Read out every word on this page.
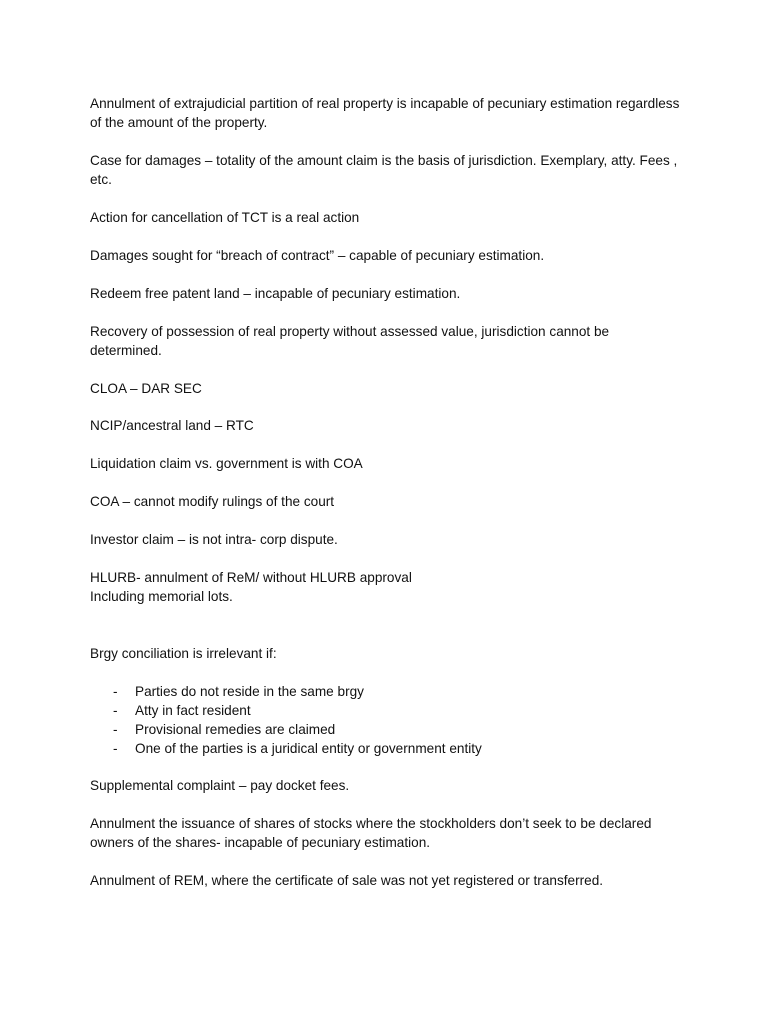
Annulment of extrajudicial partition of real property is incapable of pecuniary estimation regardless of the amount of the property.

Case for damages – totality of the amount claim is the basis of jurisdiction. Exemplary, atty. Fees , etc.

Action for cancellation of TCT is a real action

Damages sought for “breach of contract” – capable of pecuniary estimation.

Redeem free patent land – incapable of pecuniary estimation.

Recovery of possession of real property without assessed value, jurisdiction cannot be determined.

CLOA – DAR SEC

NCIP/ancestral land – RTC

Liquidation claim vs. government is with COA

COA – cannot modify rulings of the court

Investor claim – is not intra- corp dispute.

HLURB- annulment of ReM/ without HLURB approval

Including memorial lots.

Brgy conciliation is irrelevant if:

- Parties do not reside in the same brgy
- Atty in fact resident
- Provisional remedies are claimed
- One of the parties is a juridical entity or government entity

Supplemental complaint – pay docket fees.

Annulment the issuance of shares of stocks where the stockholders don’t seek to be declared owners of the shares- incapable of pecuniary estimation.

Annulment of REM, where the certificate of sale was not yet registered or transferred.
